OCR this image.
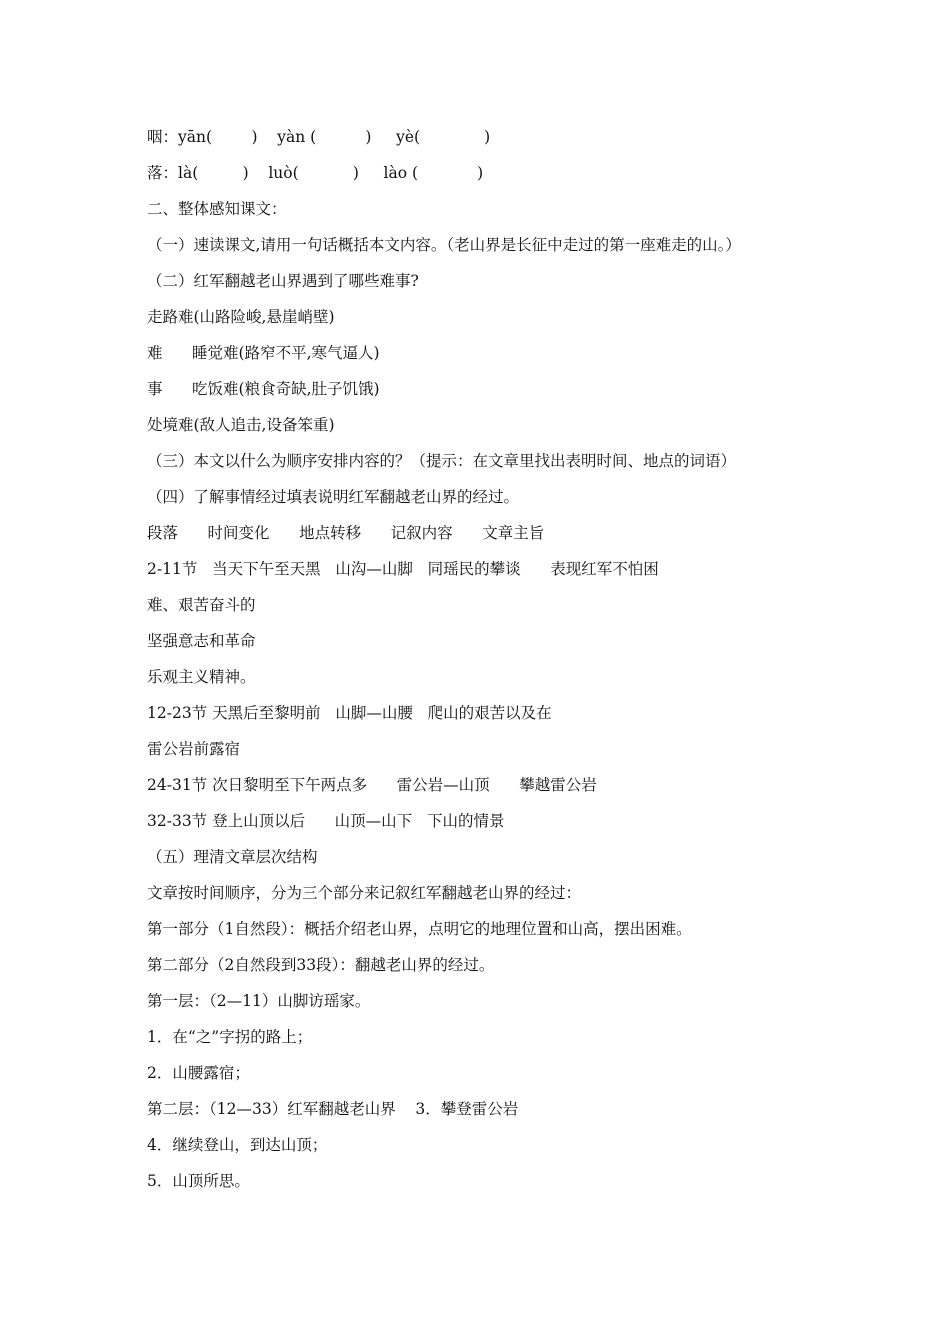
咽：yān(        )    yàn (          )     yè(             )
落：là(         )    luò(           )     lào (            )
二、整体感知课文：
（一）速读课文,请用一句话概括本文内容。（老山界是长征中走过的第一座难走的山。）
（二）红军翻越老山界遇到了哪些难事?
走路难(山路险峻,悬崖峭壁)
难      睡觉难(路窄不平,寒气逼人)
事      吃饭难(粮食奇缺,肚子饥饿)
处境难(敌人追击,设备笨重)
（三）本文以什么为顺序安排内容的？（提示：在文章里找出表明时间、地点的词语）
（四）了解事情经过填表说明红军翻越老山界的经过。
段落      时间变化      地点转移      记叙内容      文章主旨
2-11节   当天下午至天黑   山沟—山脚   同瑶民的攀谈      表现红军不怕困
难、艰苦奋斗的
坚强意志和革命
乐观主义精神。
12-23节 天黑后至黎明前   山脚—山腰   爬山的艰苦以及在
雷公岩前露宿
24-31节 次日黎明至下午两点多      雷公岩—山顶      攀越雷公岩
32-33节 登上山顶以后      山顶—山下   下山的情景
（五）理清文章层次结构
文章按时间顺序，分为三个部分来记叙红军翻越老山界的经过：
第一部分（1自然段）：概括介绍老山界，点明它的地理位置和山高，摆出困难。
第二部分（2自然段到33段）：翻越老山界的经过。
第一层：（2—11）山脚访瑶家。
1．在“之”字拐的路上；
2．山腰露宿；
第二层：（12—33）红军翻越老山界    3．攀登雷公岩
4．继续登山，到达山顶；
5．山顶所思。
